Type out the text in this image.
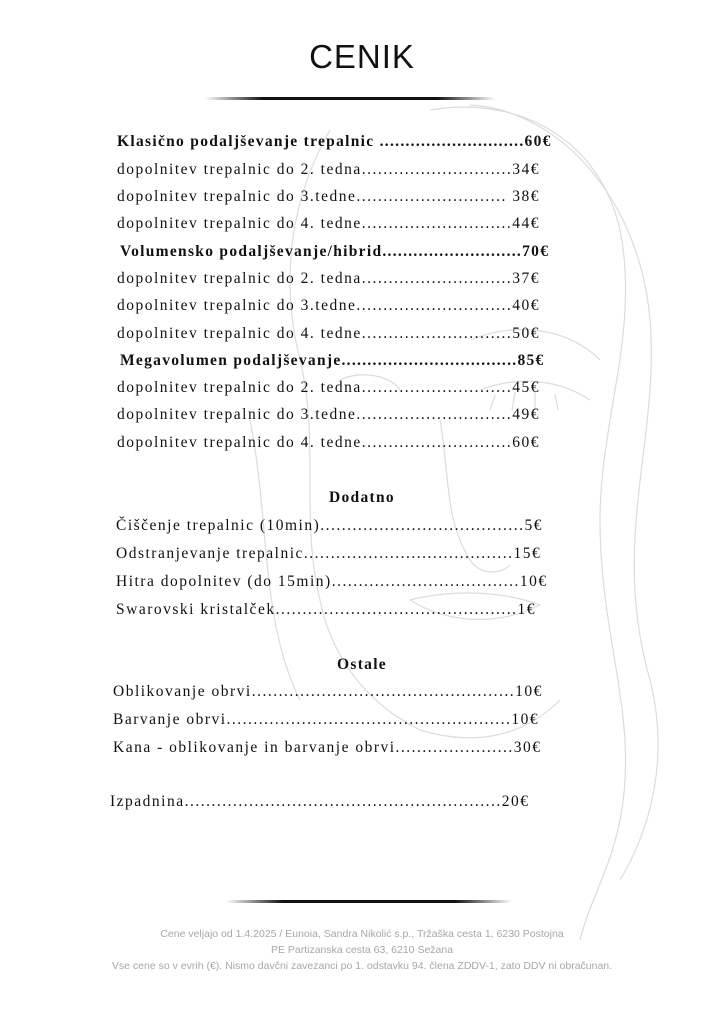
CENIK
Klasično podaljševanje trepalnic ............................60€
dopolnitev trepalnic do 2. tedna............................34€
dopolnitev trepalnic do 3.tedne............................ 38€
dopolnitev trepalnic do 4. tedne............................44€
Volumensko podaljševanje/hibrid...........................70€
dopolnitev trepalnic do 2. tedna............................37€
dopolnitev trepalnic do 3.tedne.............................40€
dopolnitev trepalnic do 4. tedne............................50€
Megavolumen podaljševanje..................................85€
dopolnitev trepalnic do 2. tedna............................45€
dopolnitev trepalnic do 3.tedne.............................49€
dopolnitev trepalnic do 4. tedne............................60€
Dodatno
Čiščenje trepalnic (10min)......................................5€
Odstranjevanje trepalnic.......................................15€
Hitra dopolnitev (do 15min)...................................10€
Swarovski kristalček.............................................1€
Ostale
Oblikovanje obrvi.................................................10€
Barvanje obrvi.....................................................10€
Kana - oblikovanje in barvanje obrvi......................30€
Izpadnina...........................................................20€
Cene veljajo od 1.4.2025 / Eunoia, Sandra Nikolić s.p., Tržaška cesta 1, 6230 Postojna
PE Partizanska cesta 63, 6210 Sežana
Vse cene so v evrih (€). Nismo davčni zavezanci po 1. odstavku 94. člena ZDDV-1, zato DDV ni obračunan.
